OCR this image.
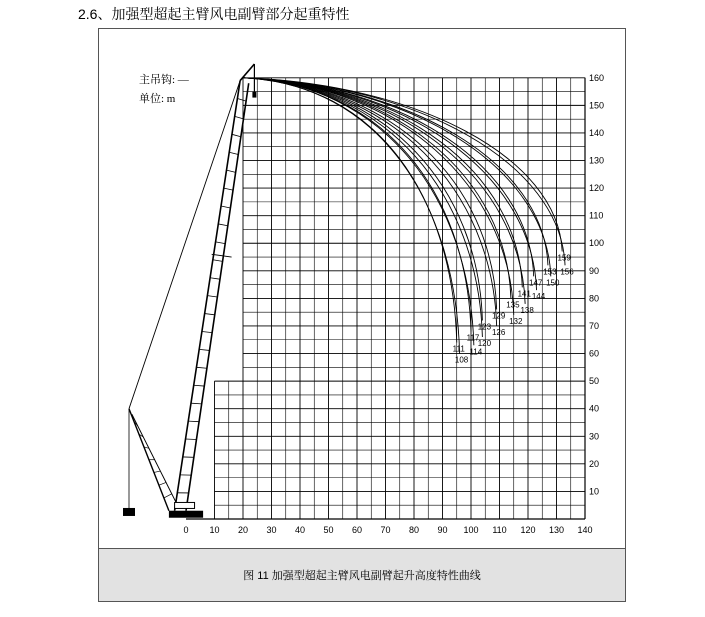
2.6、加强型超起主臂风电副臂部分起重特性
108
111 114
117
120
123
126
129
132
135
138
141 144
147 150
153 156
159
0 10 20 30 40 50 60 70 80 90 100 110 120 130 140
10
20
30
40
50
60
70
80
90
100
110
120
130
140
150
160
主吊钩: —
单位: m
图 11 加强型超起主臂风电副臂起升高度特性曲线
